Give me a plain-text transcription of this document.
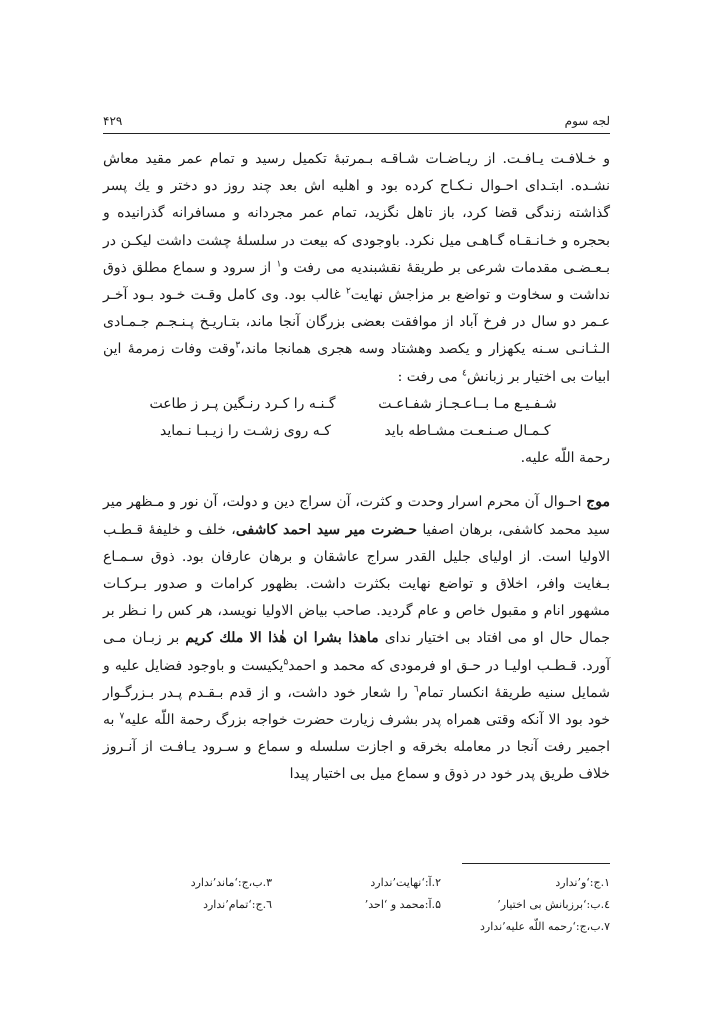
۴۲۹	لجه سوم

و خـلافـت یـافـت. از ریـاضـات شـاقـه بـمرتبۀ تکمیل رسید و تمام عمر مقید معاش نشـده. ابتـدای احـوال نـکـاح کرده بود و اهلیه اش بعد چند روز دو دختر و یك پسر گذاشته زندگی قضا کرد، باز تاهل نگزید، تمام عمر مجردانه و مسافرانه گذرانیده و بحجره و خـانـقـاه گـاهـی میل نکرد. باوجودی که بیعت در سلسلۀ چشت داشت لیکـن در بـعـضـی مقدمات شرعی بر طریقۀ نقشبندیه می رفت و$^۱$ از سرود و سماع مطلق ذوق نداشت و سخاوت و تواضع بر مزاجش نهایت$^۲$ غالب بود. وی کامل وقـت خـود بـود آخـر عـمر دو سال در فرخ آباد از موافقت بعضی بزرگان آنجا ماند، بتـاریـخ پـنـجـم جـمـادی الـثـانـی سـنه یکهزار و یکصد وهشتاد وسه هجری همانجا ماند،$^۳$وقت وفات زمرمۀ این ابیات بی اختیار بر زبانش$^٤$ می رفت :

شـفـیـع مـا بــاعـجـاز شفـاعـت
گـنـه را کـرد رنـگین پـر ز طاعت
کـمـال صـنـعـت مشـاطه باید
کـه روی زشـت را زیـبـا نـماید

رحمة اللّه علیه.

موج احـوال آن محرم اسرار وحدت و کثرت، آن سراج دین و دولت، آن نور و مـظهر میر سید محمد کاشفی، برهان اصفیا حـضرت میر سید احمد کاشفی، خلف و خلیفۀ قـطـب الاولیا است. از اولیای جلیل القدر سراج عاشقان و برهان عارفان بود. ذوق سـمـاع بـغایت وافر، اخلاق و تواضع نهایت بکثرت داشت. بظهور کرامات و صدور بـرکـات مشهور انام و مقبول خاص و عام گردید. صاحب بیاض الاولیا نویسد، هر کس را نـظر بر جمال حال او می افتاد بی اختیار ندای ماهذا بشرا ان هٰذا الا ملك کریم بر زبـان مـی آورد. قـطـب اولیـا در حـق او فرمودی که محمد و احمد$^۵$یکیست و باوجود فضایل علیه و شمایل سنیه طریقۀ انکسار تمام$^٦$ را شعار خود داشت، و از قدم بـقـدم پـدر بـزرگـوار خود بود الا آنکه وقتی همراه پدر بشرف زیارت حضرت خواجه بزرگ رحمة اللّه علیه$^۷$ به اجمیر رفت آنجا در معامله بخرقه و اجازت سلسله و سماع و سـرود یـافـت از آنـروز خلاف طریق پدر خود در ذوق و سماع میل بی اختیار پیدا

۱.ج:‘و’ندارد
۲.آ:‘نهایت’ندارد
۳.ب،ج:‘ماند’ندارد
٤.ب:‘برزبانش بی اختیار’
۵.آ:محمد و ‘احد’
٦.ج:‘تمام’ندارد
۷.ب،ج:‘رحمه اللّه علیه’ندارد
